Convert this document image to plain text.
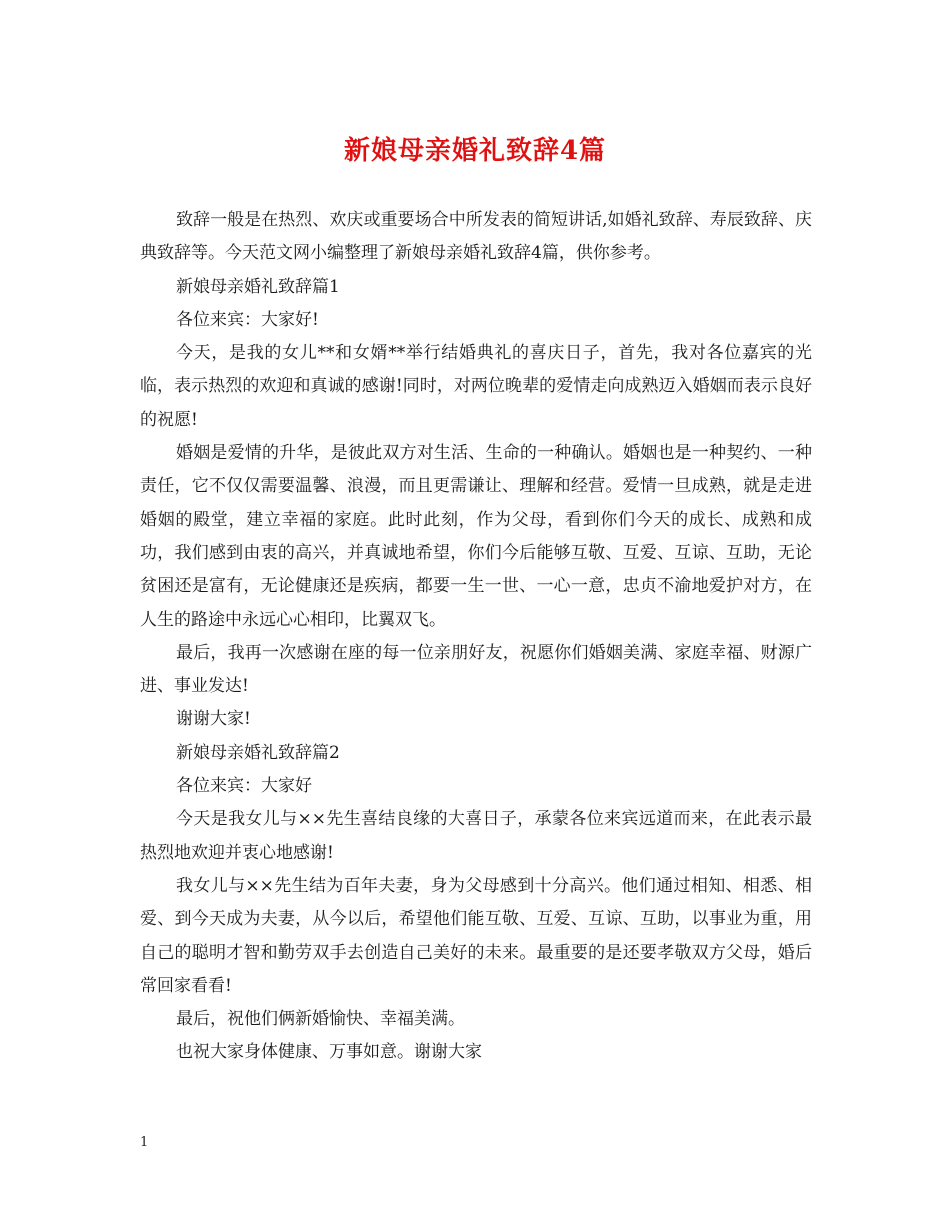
新娘母亲婚礼致辞4篇

致辞一般是在热烈、欢庆或重要场合中所发表的简短讲话,如婚礼致辞、寿辰致辞、庆典致辞等。今天范文网小编整理了新娘母亲婚礼致辞4篇，供你参考。

新娘母亲婚礼致辞篇1

各位来宾：大家好!

今天，是我的女儿**和女婿**举行结婚典礼的喜庆日子，首先，我对各位嘉宾的光临，表示热烈的欢迎和真诚的感谢!同时，对两位晚辈的爱情走向成熟迈入婚姻而表示良好的祝愿!

婚姻是爱情的升华，是彼此双方对生活、生命的一种确认。婚姻也是一种契约、一种责任，它不仅仅需要温馨、浪漫，而且更需谦让、理解和经营。爱情一旦成熟，就是走进婚姻的殿堂，建立幸福的家庭。此时此刻，作为父母，看到你们今天的成长、成熟和成功，我们感到由衷的高兴，并真诚地希望，你们今后能够互敬、互爱、互谅、互助，无论贫困还是富有，无论健康还是疾病，都要一生一世、一心一意，忠贞不渝地爱护对方，在人生的路途中永远心心相印，比翼双飞。

最后，我再一次感谢在座的每一位亲朋好友，祝愿你们婚姻美满、家庭幸福、财源广进、事业发达!

谢谢大家!

新娘母亲婚礼致辞篇2

各位来宾：大家好

今天是我女儿与××先生喜结良缘的大喜日子，承蒙各位来宾远道而来，在此表示最热烈地欢迎并衷心地感谢!

我女儿与××先生结为百年夫妻，身为父母感到十分高兴。他们通过相知、相悉、相爱、到今天成为夫妻，从今以后，希望他们能互敬、互爱、互谅、互助，以事业为重，用自己的聪明才智和勤劳双手去创造自己美好的未来。最重要的是还要孝敬双方父母，婚后常回家看看!

最后，祝他们俩新婚愉快、幸福美满。

也祝大家身体健康、万事如意。谢谢大家

1
